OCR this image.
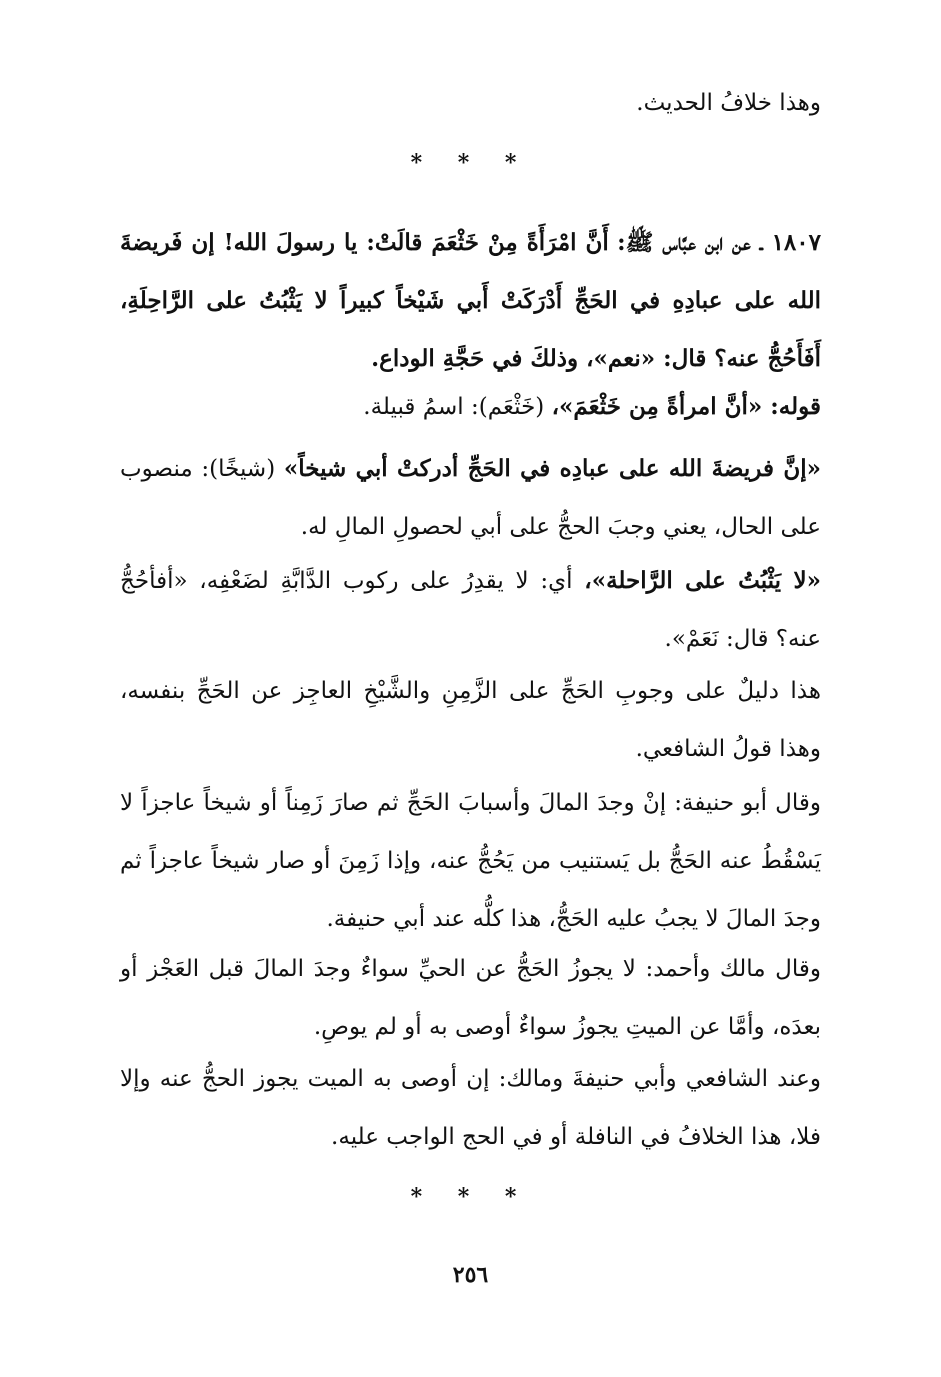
وهذا خلافُ الحديث.

* * *

١٨٠٧ ـ عن ابن عبَّاس ﷺ: أَنَّ امْرَأَةً مِنْ خَثْعَمَ قالَتْ: يا رسولَ الله! إن فَريضةَ الله على عبادِهِ في الحَجِّ أَدْرَكَتْ أَبي شَيْخاً كبيراً لا يَثْبُتُ على الرَّاحِلَةِ، أَفَأَحُجُّ عنه؟ قال: «نعم»، وذلكَ في حَجَّةِ الوداع.

قوله: «أنَّ امرأةً مِن خَثْعَمَ»، (خَثْعَم): اسمُ قبيلة.

«إنَّ فريضةَ الله على عبادِه في الحَجِّ أدركتْ أبي شيخاً» (شيخًا): منصوب على الحال، يعني وجبَ الحجُّ على أبي لحصولِ المالِ له.

«لا يَثْبُتُ على الرَّاحلة»، أي: لا يقدِرُ على ركوب الدَّابَّةِ لضَعْفِه، «أفأحُجُّ عنه؟ قال: نَعَمْ».

هذا دليلٌ على وجوبِ الحَجِّ على الزَّمِنِ والشَّيْخِ العاجِز عن الحَجِّ بنفسه، وهذا قولُ الشافعي.

وقال أبو حنيفة: إنْ وجدَ المالَ وأسبابَ الحَجِّ ثم صارَ زَمِناً أو شيخاً عاجزاً لا يَسْقُطُ عنه الحَجُّ بل يَستنيب من يَحُجُّ عنه، وإذا زَمِنَ أو صار شيخاً عاجزاً ثم وجدَ المالَ لا يجبُ عليه الحَجُّ، هذا كلُّه عند أبي حنيفة.

وقال مالك وأحمد: لا يجوزُ الحَجُّ عن الحيِّ سواءٌ وجدَ المالَ قبل العَجْز أو بعدَه، وأمَّا عن الميتِ يجوزُ سواءٌ أوصى به أو لم يوصِ.

وعند الشافعي وأبي حنيفةَ ومالك: إن أوصى به الميت يجوز الحجُّ عنه وإلا فلا، هذا الخلافُ في النافلة أو في الحج الواجب عليه.

* * *
٢٥٦
